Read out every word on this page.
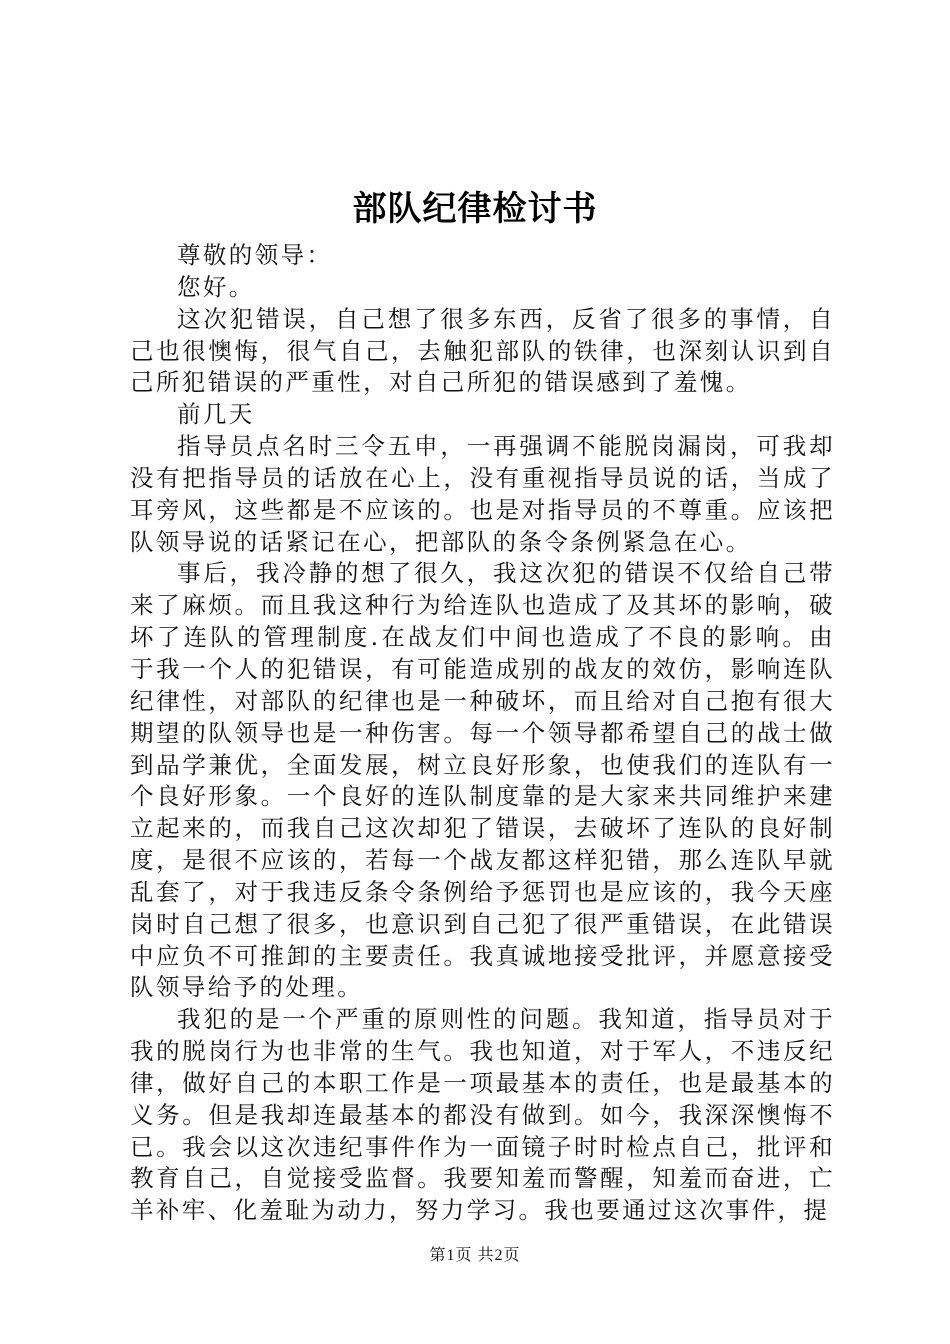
部队纪律检讨书

尊敬的领导：

您好。

这次犯错误，自己想了很多东西，反省了很多的事情，自己也很懊悔，很气自己，去触犯部队的铁律，也深刻认识到自己所犯错误的严重性，对自己所犯的错误感到了羞愧。

前几天

指导员点名时三令五申，一再强调不能脱岗漏岗，可我却没有把指导员的话放在心上，没有重视指导员说的话，当成了耳旁风，这些都是不应该的。也是对指导员的不尊重。应该把队领导说的话紧记在心，把部队的条令条例紧急在心。

事后，我冷静的想了很久，我这次犯的错误不仅给自己带来了麻烦。而且我这种行为给连队也造成了及其坏的影响，破坏了连队的管理制度.在战友们中间也造成了不良的影响。由于我一个人的犯错误，有可能造成别的战友的效仿，影响连队纪律性，对部队的纪律也是一种破坏，而且给对自己抱有很大期望的队领导也是一种伤害。每一个领导都希望自己的战士做到品学兼优，全面发展，树立良好形象，也使我们的连队有一个良好形象。一个良好的连队制度靠的是大家来共同维护来建立起来的，而我自己这次却犯了错误，去破坏了连队的良好制度，是很不应该的，若每一个战友都这样犯错，那么连队早就乱套了，对于我违反条令条例给予惩罚也是应该的，我今天座岗时自己想了很多，也意识到自己犯了很严重错误，在此错误中应负不可推卸的主要责任。我真诚地接受批评，并愿意接受队领导给予的处理。

我犯的是一个严重的原则性的问题。我知道，指导员对于我的脱岗行为也非常的生气。我也知道，对于军人，不违反纪律，做好自己的本职工作是一项最基本的责任，也是最基本的义务。但是我却连最基本的都没有做到。如今，我深深懊悔不已。我会以这次违纪事件作为一面镜子时时检点自己，批评和教育自己，自觉接受监督。我要知羞而警醒，知羞而奋进，亡羊补牢、化羞耻为动力，努力学习。我也要通过这次事件，提

第1页 共2页
